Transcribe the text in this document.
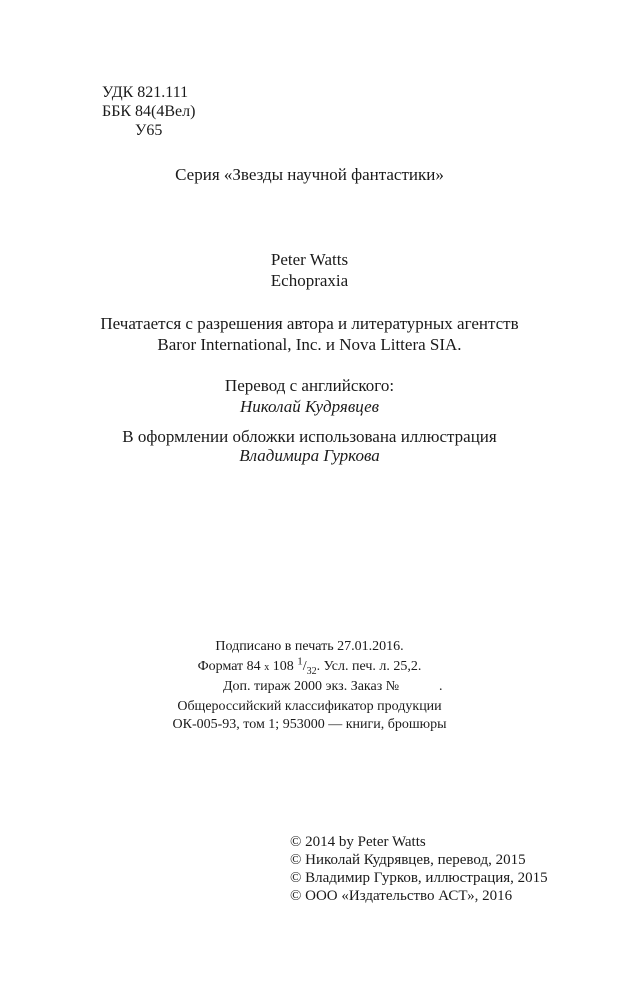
УДК 821.111
ББК 84(4Вел)
У65
Серия «Звезды научной фантастики»
Peter Watts
Echopraxia
Печатается с разрешения автора и литературных агентств
Baror International, Inc. и Nova Littera SIA.
Перевод с английского:
Николай Кудрявцев
В оформлении обложки использована иллюстрация
Владимира Гуркова
Подписано в печать 27.01.2016.
Формат 84 х 108 $^1/_{32}$. Усл. печ. л. 25,2.
Доп. тираж 2000 экз. Заказ №	.
Общероссийский классификатор продукции
ОК-005-93, том 1; 953000 — книги, брошюры
© 2014 by Peter Watts
© Николай Кудрявцев, перевод, 2015
© Владимир Гурков, иллюстрация, 2015
© ООО «Издательство АСТ», 2016
